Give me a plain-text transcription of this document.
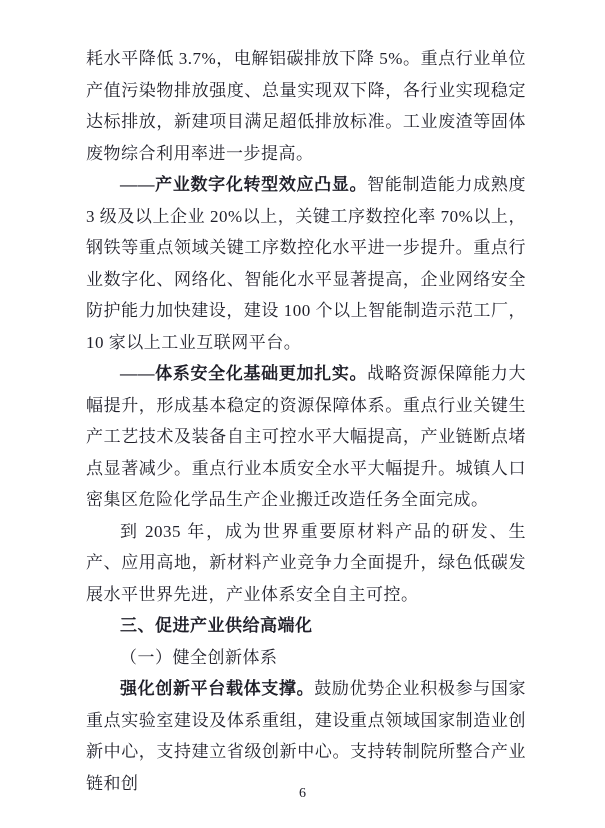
耗水平降低 3.7%，电解铝碳排放下降 5%。重点行业单位产值污染物排放强度、总量实现双下降，各行业实现稳定达标排放，新建项目满足超低排放标准。工业废渣等固体废物综合利用率进一步提高。

——产业数字化转型效应凸显。智能制造能力成熟度 3 级及以上企业 20%以上，关键工序数控化率 70%以上，钢铁等重点领域关键工序数控化水平进一步提升。重点行业数字化、网络化、智能化水平显著提高，企业网络安全防护能力加快建设，建设 100 个以上智能制造示范工厂，10 家以上工业互联网平台。

——体系安全化基础更加扎实。战略资源保障能力大幅提升，形成基本稳定的资源保障体系。重点行业关键生产工艺技术及装备自主可控水平大幅提高，产业链断点堵点显著减少。重点行业本质安全水平大幅提升。城镇人口密集区危险化学品生产企业搬迁改造任务全面完成。

到 2035 年，成为世界重要原材料产品的研发、生产、应用高地，新材料产业竞争力全面提升，绿色低碳发展水平世界先进，产业体系安全自主可控。

三、促进产业供给高端化

（一）健全创新体系

强化创新平台载体支撑。鼓励优势企业积极参与国家重点实验室建设及体系重组，建设重点领域国家制造业创新中心，支持建立省级创新中心。支持转制院所整合产业链和创

6
